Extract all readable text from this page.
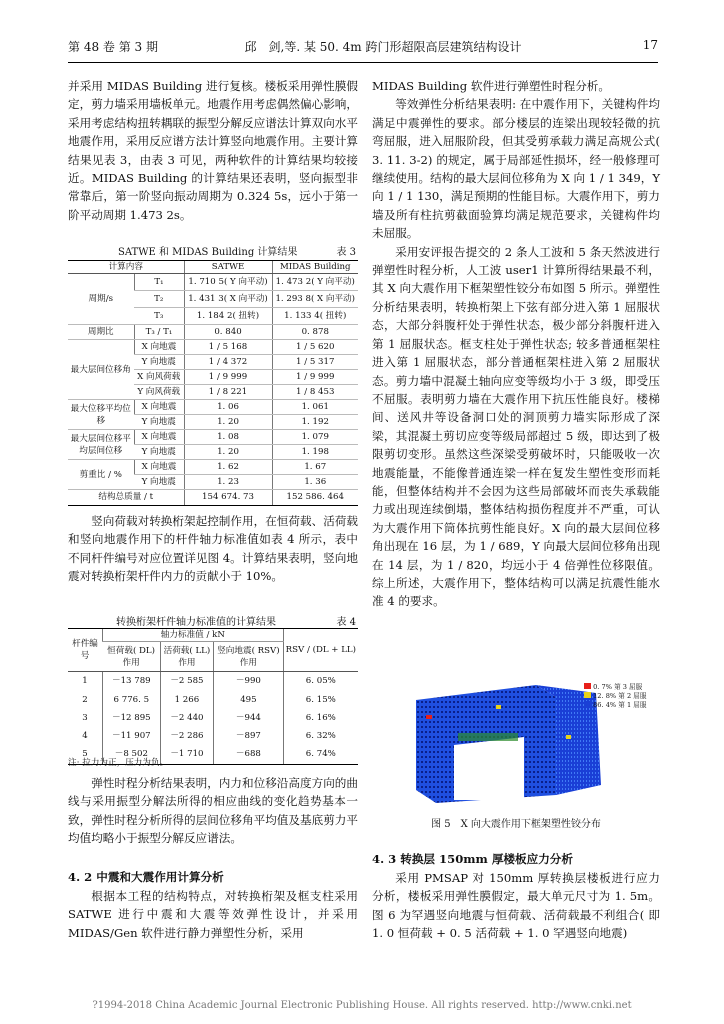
第 48 卷 第 3 期	邱　剑,等. 某 50. 4m 跨门形超限高层建筑结构设计	17

并采用 MIDAS Building 进行复核。楼板采用弹性膜假定，剪力墙采用墙板单元。地震作用考虑偶然偏心影响，采用考虑结构扭转耦联的振型分解反应谱法计算双向水平地震作用，采用反应谱方法计算竖向地震作用。主要计算结果见表 3，由表 3 可见，两种软件的计算结果均较接近。MIDAS Building 的计算结果还表明，竖向振型非常靠后，第一阶竖向振动周期为 0.324 5s，远小于第一阶平动周期 1.473 2s。

SATWE 和 MIDAS Building 计算结果	表 3
计算内容		SATWE	MIDAS Building
周期/s	T₁	1. 710 5( Y 向平动)	1. 473 2( Y 向平动)
	T₂	1. 431 3( X 向平动)	1. 293 8( X 向平动)
	T₃	1. 184 2( 扭转)	1. 133 4( 扭转)
周期比	T₃ / T₁	0. 840	0. 878
最大层间位移角	X 向地震	1 / 5 168	1 / 5 620
	Y 向地震	1 / 4 372	1 / 5 317
	X 向风荷载	1 / 9 999	1 / 9 999
	Y 向风荷载	1 / 8 221	1 / 8 453
最大位移平均位移	X 向地震	1. 06	1. 061
	Y 向地震	1. 20	1. 192
最大层间位移平均层间位移	X 向地震	1. 08	1. 079
	Y 向地震	1. 20	1. 198
剪重比 / %	X 向地震	1. 62	1. 67
	Y 向地震	1. 23	1. 36
结构总质量 / t		154 674. 73	152 586. 464

竖向荷载对转换桁架起控制作用，在恒荷载、活荷载和竖向地震作用下的杆件轴力标准值如表 4 所示，表中不同杆件编号对应位置详见图 4。计算结果表明，竖向地震对转换桁架杆件内力的贡献小于 10%。

转换桁架杆件轴力标准值的计算结果	表 4
杆件编号	轴力标准值 / kN			RSV / (DL + LL)
	恒荷载( DL) 作用	活荷载( LL) 作用	竖向地震( RSV) 作用	
1	－13 789	－2 585	－990	6. 05%
2	6 776. 5	1 266	495	6. 15%
3	－12 895	－2 440	－944	6. 16%
4	－11 907	－2 286	－897	6. 32%
5	－8 502	－1 710	－688	6. 74%
注: 拉力为正，压力为负。

弹性时程分析结果表明，内力和位移沿高度方向的曲线与采用振型分解法所得的相应曲线的变化趋势基本一致，弹性时程分析所得的层间位移角平均值及基底剪力平均值均略小于振型分解反应谱法。

4. 2 中震和大震作用计算分析

根据本工程的结构特点，对转换桁架及框支柱采用 SATWE 进行中震和大震等效弹性设计，并采用 MIDAS/Gen 软件进行静力弹塑性分析，采用

MIDAS Building 软件进行弹塑性时程分析。

等效弹性分析结果表明: 在中震作用下，关键构件均满足中震弹性的要求。部分楼层的连梁出现较轻微的抗弯屈服，进入屈服阶段，但其受剪承载力满足高规公式( 3. 11. 3-2) 的规定，属于局部延性损坏，经一般修理可继续使用。结构的最大层间位移角为 X 向 1 / 1 349，Y 向 1 / 1 130，满足预期的性能目标。大震作用下，剪力墙及所有柱抗剪截面验算均满足规范要求，关键构件均未屈服。

采用安评报告提交的 2 条人工波和 5 条天然波进行弹塑性时程分析，人工波 user1 计算所得结果最不利，其 X 向大震作用下框架塑性铰分布如图 5 所示。弹塑性分析结果表明，转换桁架上下弦有部分进入第 1 屈服状态，大部分斜腹杆处于弹性状态，极少部分斜腹杆进入第 1 屈服状态。框支柱处于弹性状态; 较多普通框架柱进入第 1 屈服状态，部分普通框架柱进入第 2 屈服状态。剪力墙中混凝土轴向应变等级均小于 3 级，即受压不屈服。表明剪力墙在大震作用下抗压性能良好。楼梯间、送风井等设备洞口处的洞顶剪力墙实际形成了深梁，其混凝土剪切应变等级局部超过 5 级，即达到了极限剪切变形。虽然这些深梁受剪破坏时，只能吸收一次地震能量，不能像普通连梁一样在复发生塑性变形而耗能，但整体结构并不会因为这些局部破坏而丧失承载能力或出现连续倒塌，整体结构损伤程度并不严重，可认为大震作用下筒体抗剪性能良好。X 向的最大层间位移角出现在 16 层，为 1 / 689，Y 向最大层间位移角出现在 14 层，为 1 / 820，均远小于 4 倍弹性位移限值。综上所述，大震作用下，整体结构可以满足抗震性能水准 4 的要求。

0. 7% 第 3 屈服
12. 8% 第 2 屈服
86. 4% 第 1 屈服
图 5　X 向大震作用下框架塑性铰分布
4. 3 转换层 150mm 厚楼板应力分析

采用 PMSAP 对 150mm 厚转换层楼板进行应力分析，楼板采用弹性膜假定，最大单元尺寸为 1. 5m。图 6 为罕遇竖向地震与恒荷载、活荷载最不利组合( 即 1. 0 恒荷载 + 0. 5 活荷载 + 1. 0 罕遇竖向地震)

?1994-2018 China Academic Journal Electronic Publishing House. All rights reserved. http://www.cnki.net
